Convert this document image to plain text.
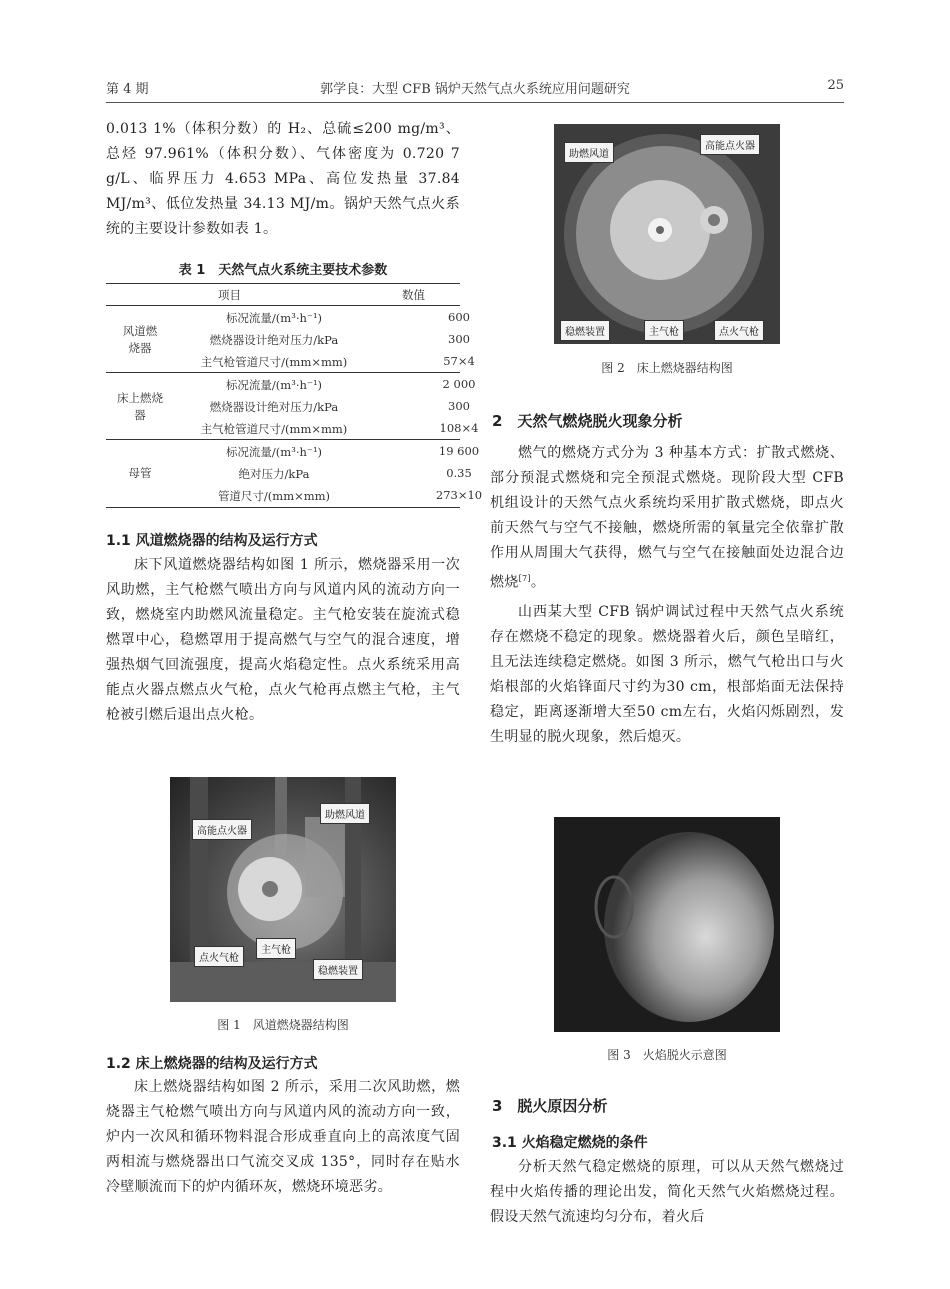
第 4 期	郭学良：大型 CFB 锅炉天然气点火系统应用问题研究	25

0.013 1%（体积分数）的 H₂、总硫≤200 mg/m³、总烃 97.961%（体积分数）、气体密度为 0.720 7 g/L、临界压力 4.653 MPa、高位发热量 37.84 MJ/m³、低位发热量 34.13 MJ/m。锅炉天然气点火系统的主要设计参数如表 1。

表 1　天然气点火系统主要技术参数
项目	数值
风道燃烧器
标况流量/(m³·h⁻¹)	600
燃烧器设计绝对压力/kPa	300
主气枪管道尺寸/(mm×mm)	57×4
床上燃烧器
标况流量/(m³·h⁻¹)	2 000
燃烧器设计绝对压力/kPa	300
主气枪管道尺寸/(mm×mm)	108×4
母管
标况流量/(m³·h⁻¹)	19 600
绝对压力/kPa	0.35
管道尺寸/(mm×mm)	273×10
1.1 风道燃烧器的结构及运行方式

床下风道燃烧器结构如图 1 所示，燃烧器采用一次风助燃，主气枪燃气喷出方向与风道内风的流动方向一致，燃烧室内助燃风流量稳定。主气枪安装在旋流式稳燃罩中心，稳燃罩用于提高燃气与空气的混合速度，增强热烟气回流强度，提高火焰稳定性。点火系统采用高能点火器点燃点火气枪，点火气枪再点燃主气枪，主气枪被引燃后退出点火枪。

高能点火器
助燃风道
点火气枪
主气枪
稳燃装置
图 1　风道燃烧器结构图
1.2 床上燃烧器的结构及运行方式

床上燃烧器结构如图 2 所示，采用二次风助燃，燃烧器主气枪燃气喷出方向与风道内风的流动方向一致，炉内一次风和循环物料混合形成垂直向上的高浓度气固两相流与燃烧器出口气流交叉成 135°，同时存在贴水冷壁顺流而下的炉内循环灰，燃烧环境恶劣。

助燃风道
高能点火器
稳燃装置	主气枪	点火气枪
图 2　床上燃烧器结构图
2　天然气燃烧脱火现象分析

燃气的燃烧方式分为 3 种基本方式：扩散式燃烧、部分预混式燃烧和完全预混式燃烧。现阶段大型 CFB 机组设计的天然气点火系统均采用扩散式燃烧，即点火前天然气与空气不接触，燃烧所需的氧量完全依靠扩散作用从周围大气获得，燃气与空气在接触面处边混合边燃烧[7]。

山西某大型 CFB 锅炉调试过程中天然气点火系统存在燃烧不稳定的现象。燃烧器着火后，颜色呈暗红，且无法连续稳定燃烧。如图 3 所示，燃气气枪出口与火焰根部的火焰锋面尺寸约为30 cm，根部焰面无法保持稳定，距离逐渐增大至50 cm左右，火焰闪烁剧烈，发生明显的脱火现象，然后熄灭。

图 3　火焰脱火示意图
3　脱火原因分析
3.1 火焰稳定燃烧的条件

分析天然气稳定燃烧的原理，可以从天然气燃烧过程中火焰传播的理论出发，简化天然气火焰燃烧过程。假设天然气流速均匀分布，着火后
